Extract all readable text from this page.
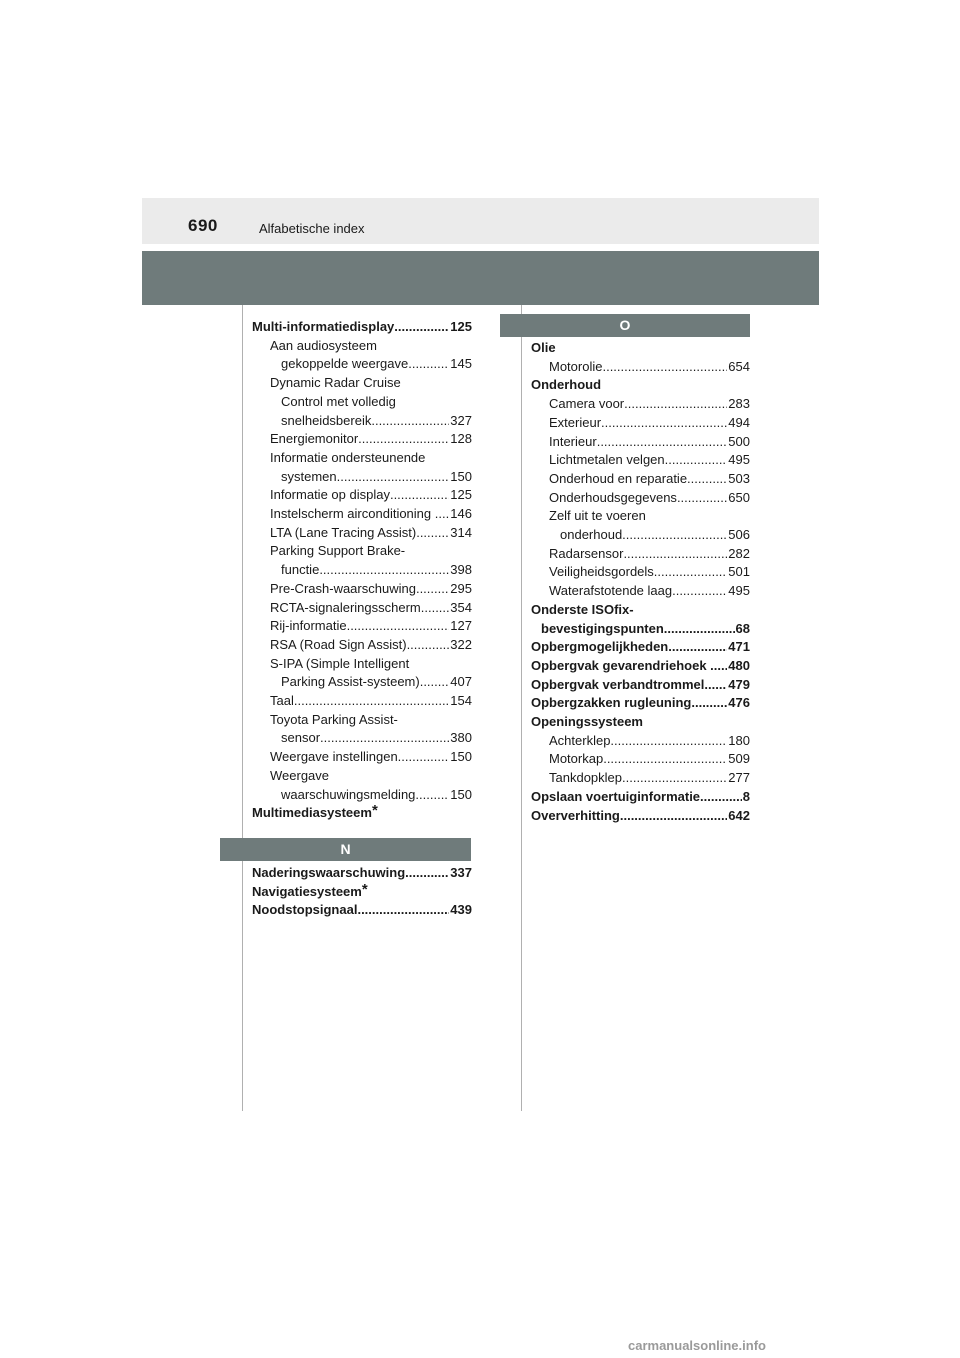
690	Alfabetische index
Multi-informatiedisplay .....	125
Aan audiosysteem
gekoppelde weergave .....	145
Dynamic Radar Cruise
Control met volledig
snelheidsbereik .....	327
Energiemonitor .....	128
Informatie ondersteunende
systemen .....	150
Informatie op display .....	125
Instelscherm airconditioning . ..... 146
LTA (Lane Tracing Assist) .....	314
Parking Support Brake-
functie .....	398
Pre-Crash-waarschuwing .....	295
RCTA-signaleringsscherm ..... 354
Rij-informatie .....	127
RSA (Road Sign Assist) .....	322
S-IPA (Simple Intelligent
Parking Assist-systeem) ..... 407
Taal .....	154
Toyota Parking Assist-
sensor .....	380
Weergave instellingen .....	150
Weergave
waarschuwingsmelding .....	150
Multimediasysteem*
N
Naderingswaarschuwing .....	337
Navigatiesysteem*
Noodstopsignaal .....	439
O
Olie
Motorolie .....	654
Onderhoud
Camera voor .....	283
Exterieur .....	494
Interieur .....	500
Lichtmetalen velgen .....	495
Onderhoud en reparatie .....	503
Onderhoudsgegevens .....	650
Zelf uit te voeren
onderhoud .....	506
Radarsensor .....	282
Veiligheidsgordels .....	501
Waterafstotende laag .....	495
Onderste ISOfix-
bevestigingspunten .....	68
Opbergmogelijkheden .....	471
Opbergvak gevarendriehoek .. ..... 480
Opbergvak verbandtrommel... ..... 479
Opbergzakken rugleuning .....	476
Openingssysteem
Achterklep .....	180
Motorkap .....	509
Tankdopklep .....	277
Opslaan voertuiginformatie .....	8
Oververhitting .....	642
carmanualsonline.info
